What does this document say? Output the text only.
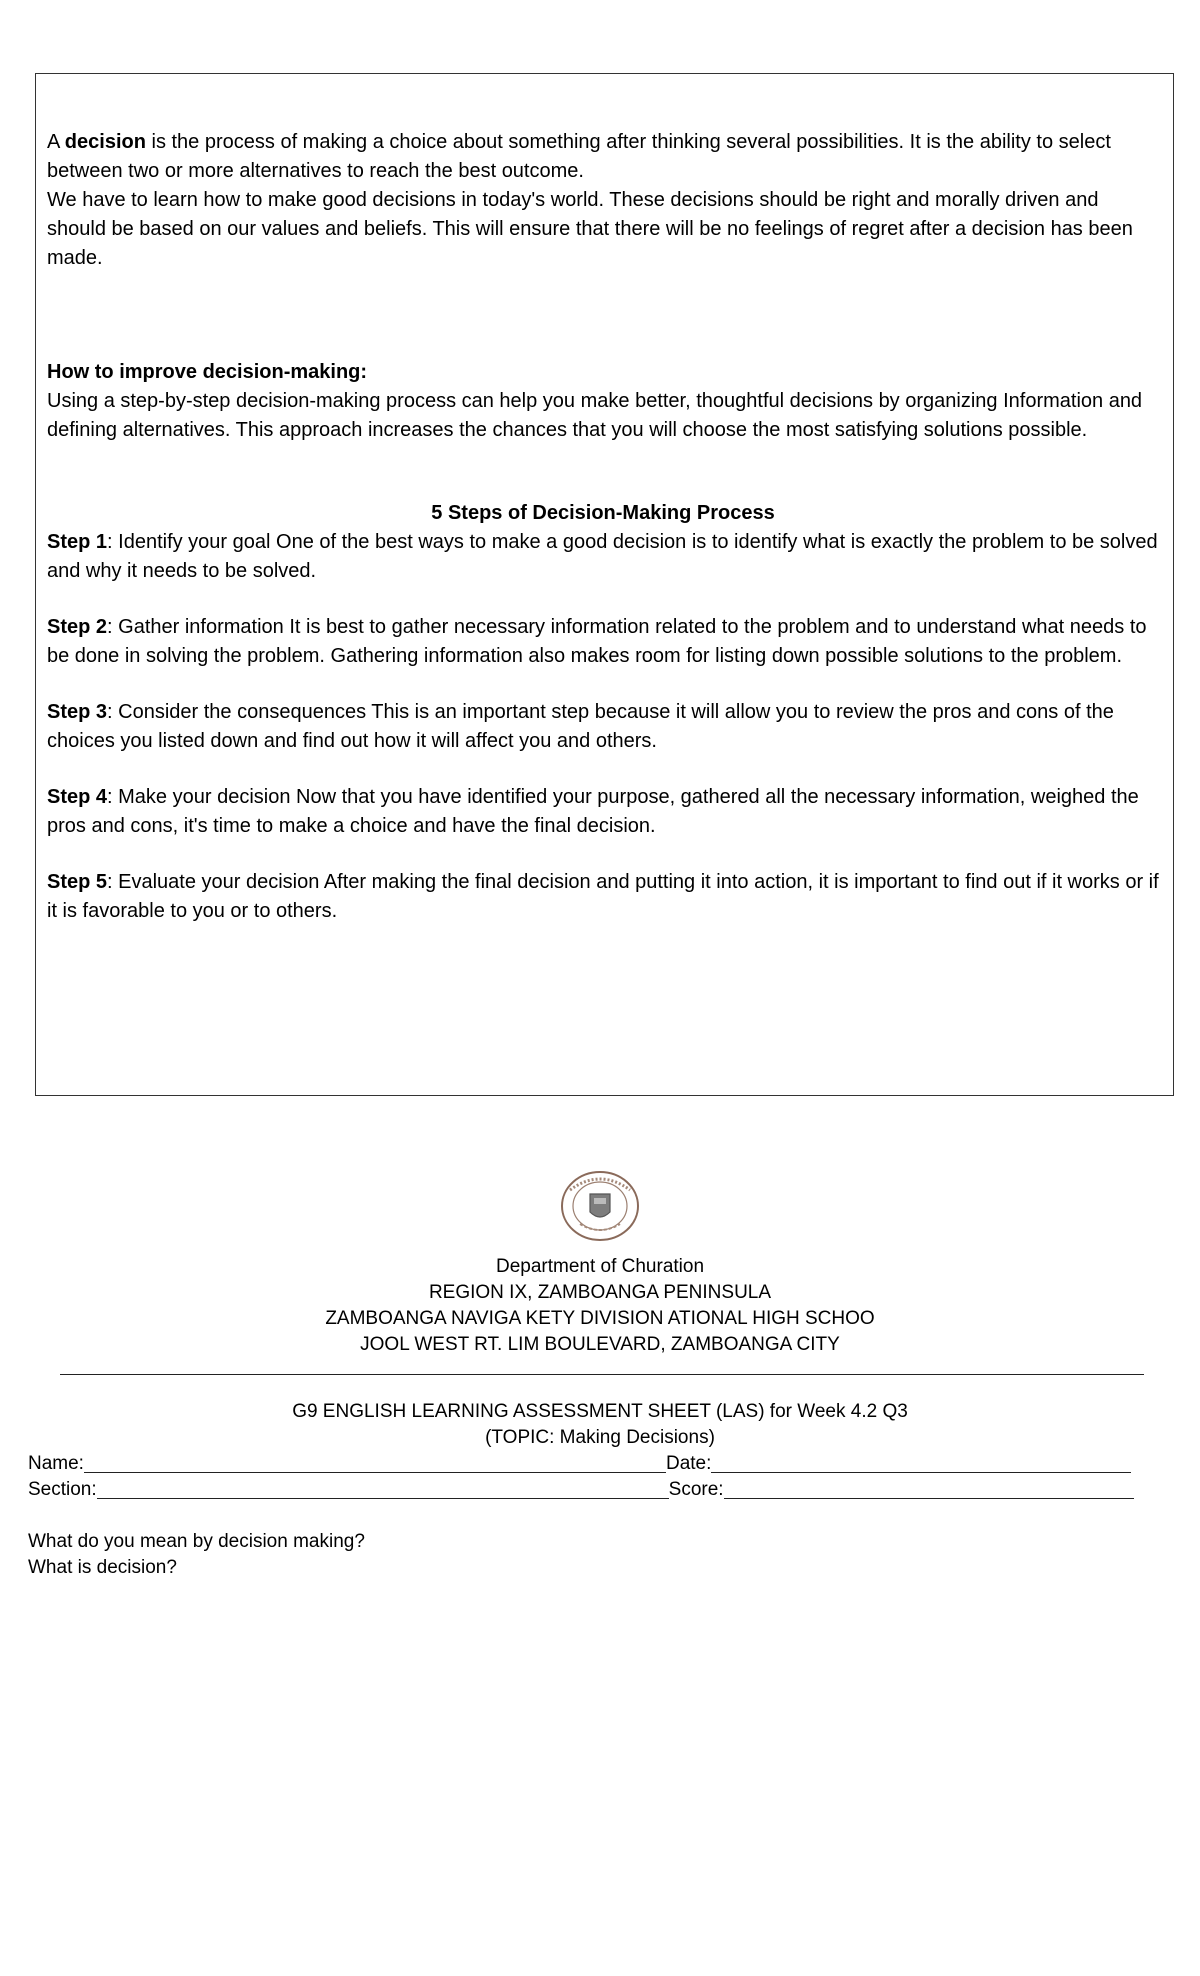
A decision is the process of making a choice about something after thinking several possibilities. It is the ability to select between two or more alternatives to reach the best outcome.

We have to learn how to make good decisions in today's world. These decisions should be right and morally driven and should be based on our values and beliefs. This will ensure that there will be no feelings of regret after a decision has been made.

How to improve decision-making:

Using a step-by-step decision-making process can help you make better, thoughtful decisions by organizing Information and defining alternatives. This approach increases the chances that you will choose the most satisfying solutions possible.

5 Steps of Decision-Making Process

Step 1: Identify your goal One of the best ways to make a good decision is to identify what is exactly the problem to be solved and why it needs to be solved.

Step 2: Gather information It is best to gather necessary information related to the problem and to understand what needs to be done in solving the problem. Gathering information also makes room for listing down possible solutions to the problem.

Step 3: Consider the consequences This is an important step because it will allow you to review the pros and cons of the choices you listed down and find out how it will affect you and others.

Step 4: Make your decision Now that you have identified your purpose, gathered all the necessary information, weighed the pros and cons, it's time to make a choice and have the final decision.

Step 5: Evaluate your decision After making the final decision and putting it into action, it is important to find out if it works or if it is favorable to you or to others.

Department of Churation
REGION IX, ZAMBOANGA PENINSULA
ZAMBOANGA NAVIGA KETY DIVISION ATIONAL HIGH SCHOO
JOOL WEST RT. LIM BOULEVARD, ZAMBOANGA CITY
G9 ENGLISH LEARNING ASSESSMENT SHEET (LAS) for Week 4.2 Q3
(TOPIC: Making Decisions)
Name:	Date:
Section:	Score:
What do you mean by decision making?
What is decision?
